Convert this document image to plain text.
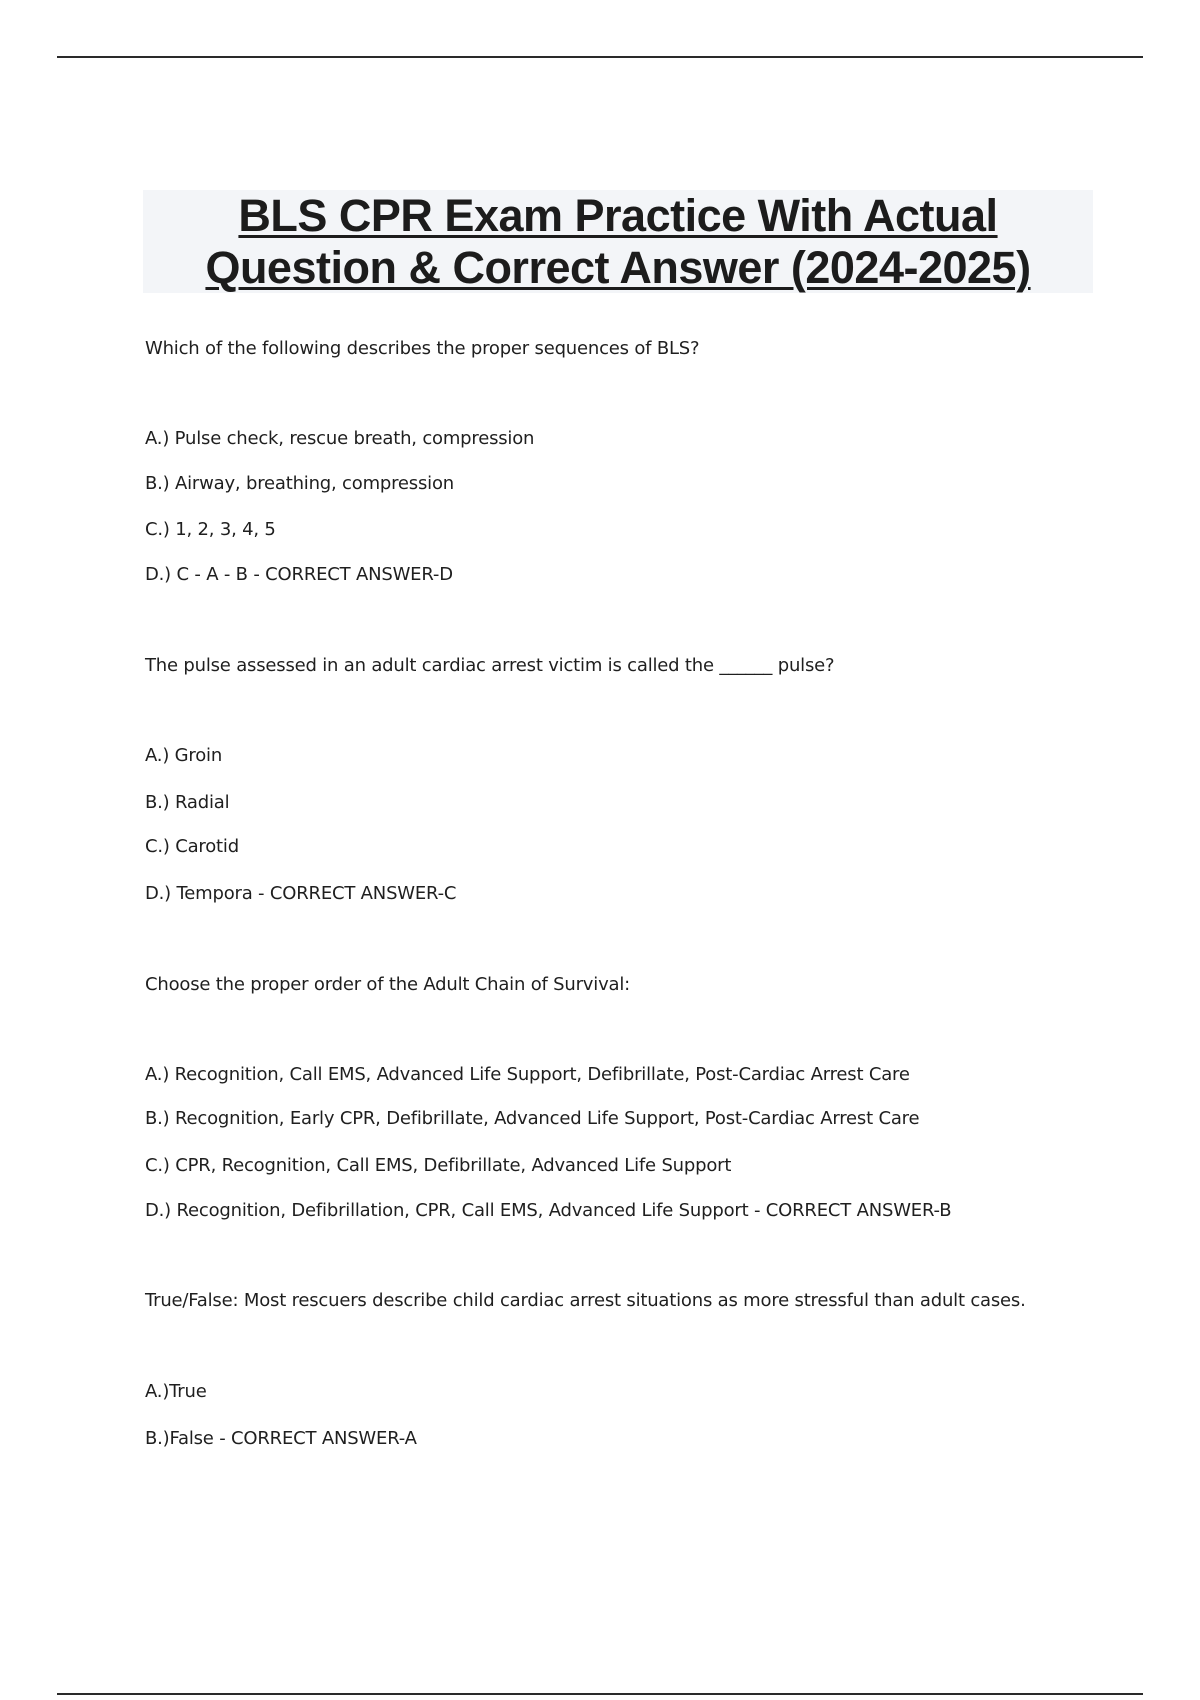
BLS CPR Exam Practice With Actual
Question & Correct Answer (2024-2025)
Which of the following describes the proper sequences of BLS?
A.) Pulse check, rescue breath, compression
B.) Airway, breathing, compression
C.) 1, 2, 3, 4, 5
D.) C - A - B - CORRECT ANSWER-D
The pulse assessed in an adult cardiac arrest victim is called the ______ pulse?
A.) Groin
B.) Radial
C.) Carotid
D.) Tempora - CORRECT ANSWER-C
Choose the proper order of the Adult Chain of Survival:
A.) Recognition, Call EMS, Advanced Life Support, Defibrillate, Post-Cardiac Arrest Care
B.) Recognition, Early CPR, Defibrillate, Advanced Life Support, Post-Cardiac Arrest Care
C.) CPR, Recognition, Call EMS, Defibrillate, Advanced Life Support
D.) Recognition, Defibrillation, CPR, Call EMS, Advanced Life Support - CORRECT ANSWER-B
True/False: Most rescuers describe child cardiac arrest situations as more stressful than adult cases.
A.)True
B.)False - CORRECT ANSWER-A
